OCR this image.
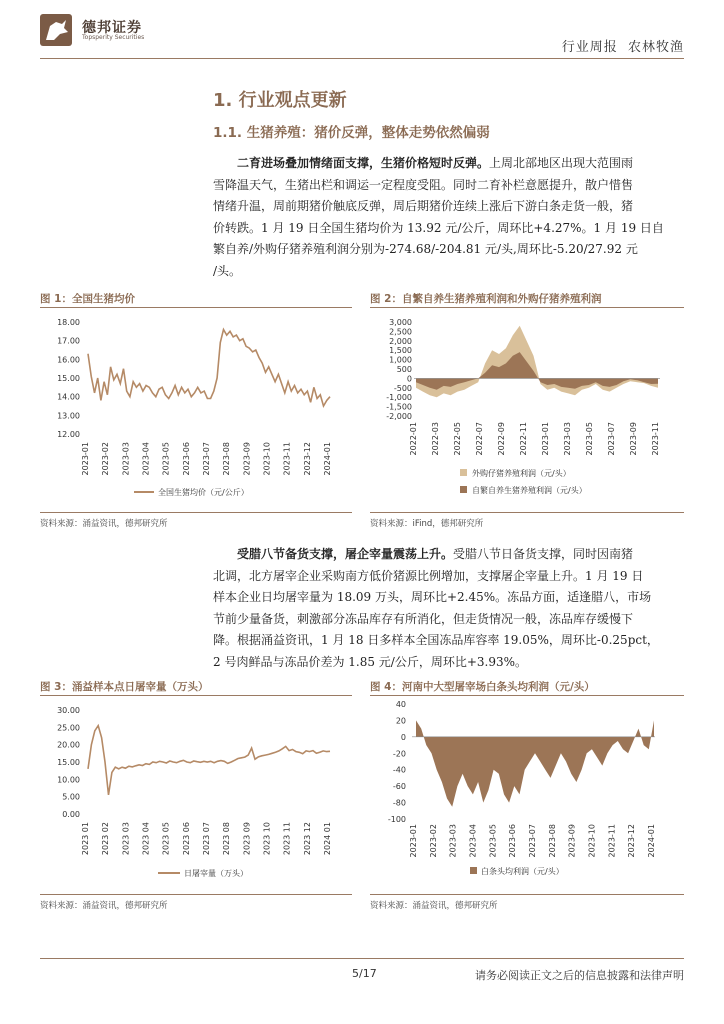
德邦证券
Topsperity Securities
行业周报  农林牧渔
1. 行业观点更新
1.1. 生猪养殖：猪价反弹，整体走势依然偏弱
二育进场叠加情绪面支撑，生猪价格短时反弹。上周北部地区出现大范围雨
雪降温天气，生猪出栏和调运一定程度受阻。同时二育补栏意愿提升，散户惜售
情绪升温，周前期猪价触底反弹，周后期猪价连续上涨后下游白条走货一般，猪
价转跌。1 月 19 日全国生猪均价为 13.92 元/公斤，周环比+4.27%。1 月 19 日自
繁自养/外购仔猪养殖利润分别为-274.68/-204.81 元/头,周环比-5.20/27.92 元
/头。
图 1：全国生猪均价	图 2：自繁自养生猪养殖利润和外购仔猪养殖利润
18.00
17.00
16.00
15.00
14.00
13.00
12.00
2023-01 2023-02 2023-03 2023-04 2023-05 2023-06 2023-07 2023-08 2023-09 2023-10 2023-11 2023-12 2024-01
全国生猪均价（元/公斤）
3,000
2,500
2,000
1,500
1,000
500
0
-500
-1,000
-1,500
-2,000
2022-01 2022-03 2022-05 2022-07 2022-09 2022-11 2023-01 2023-03 2023-05 2023-07 2023-09 2023-11
外购仔猪养殖利润（元/头）
自繁自养生猪养殖利润（元/头）
资料来源：涌益资讯，德邦研究所	资料来源：iFind，德邦研究所
受腊八节备货支撑，屠企宰量震荡上升。受腊八节日备货支撑，同时因南猪
北调，北方屠宰企业采购南方低价猪源比例增加，支撑屠企宰量上升。1 月 19 日
样本企业日均屠宰量为 18.09 万头，周环比+2.45%。冻品方面，适逢腊八，市场
节前少量备货，刺激部分冻品库存有所消化，但走货情况一般，冻品库存缓慢下
降。根据涌益资讯，1 月 18 日多样本全国冻品库容率 19.05%，周环比-0.25pct，
2 号肉鲜品与冻品价差为 1.85 元/公斤，周环比+3.93%。
图 3：涌益样本点日屠宰量（万头）	图 4：河南中大型屠宰场白条头均利润（元/头）
30.00
25.00
20.00
15.00
10.00
5.00
0.00
2023 01 2023 02 2023 03 2023 04 2023 05 2023 06 2023 07 2023 08 2023 09 2023 10 2023 11 2023 12 2024 01
日屠宰量（万头）
40
20
0
-20
-40
-60
-80
-100
2023-01 2023-02 2023-03 2023-04 2023-05 2023-06 2023-07 2023-08 2023-09 2023-10 2023-11 2023-12 2024-01
白条头均利润（元/头）
资料来源：涌益资讯，德邦研究所	资料来源：涌益资讯，德邦研究所
5/17	请务必阅读正文之后的信息披露和法律声明
